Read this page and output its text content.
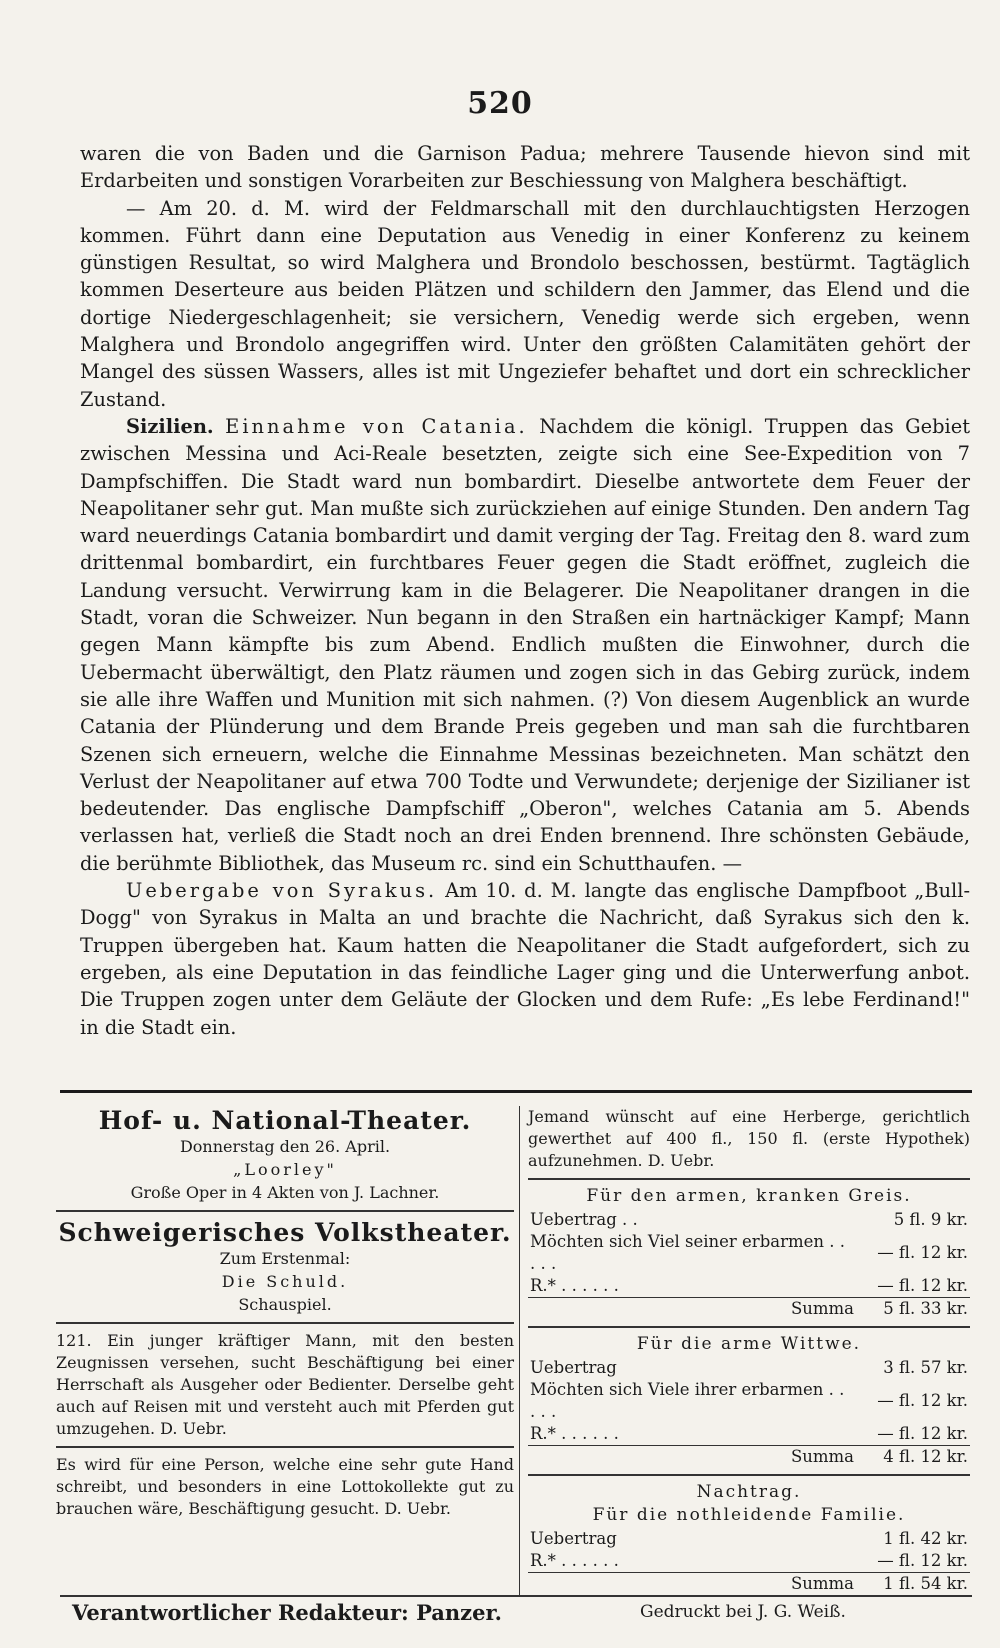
520

waren die von Baden und die Garnison Padua; mehrere Tausende hievon sind mit Erdarbeiten und sonstigen Vorarbeiten zur Beschiessung von Malghera beschäftigt.

— Am 20. d. M. wird der Feldmarschall mit den durchlauchtigsten Herzogen kommen. Führt dann eine Deputation aus Venedig in einer Konferenz zu keinem günstigen Resultat, so wird Malghera und Brondolo beschossen, bestürmt. Tagtäglich kommen Deserteure aus beiden Plätzen und schildern den Jammer, das Elend und die dortige Niedergeschlagenheit; sie versichern, Venedig werde sich ergeben, wenn Malghera und Brondolo angegriffen wird. Unter den größten Calamitäten gehört der Mangel des süssen Wassers, alles ist mit Ungeziefer behaftet und dort ein schrecklicher Zustand.

Sizilien. Einnahme von Catania. Nachdem die königl. Truppen das Gebiet zwischen Messina und Aci-Reale besetzten, zeigte sich eine See-Expedition von 7 Dampfschiffen. Die Stadt ward nun bombardirt. Dieselbe antwortete dem Feuer der Neapolitaner sehr gut. Man mußte sich zurückziehen auf einige Stunden. Den andern Tag ward neuerdings Catania bombardirt und damit verging der Tag. Freitag den 8. ward zum drittenmal bombardirt, ein furchtbares Feuer gegen die Stadt eröffnet, zugleich die Landung versucht. Verwirrung kam in die Belagerer. Die Neapolitaner drangen in die Stadt, voran die Schweizer. Nun begann in den Straßen ein hartnäckiger Kampf; Mann gegen Mann kämpfte bis zum Abend. Endlich mußten die Einwohner, durch die Uebermacht überwältigt, den Platz räumen und zogen sich in das Gebirg zurück, indem sie alle ihre Waffen und Munition mit sich nahmen. (?) Von diesem Augenblick an wurde Catania der Plünderung und dem Brande Preis gegeben und man sah die furchtbaren Szenen sich erneuern, welche die Einnahme Messinas bezeichneten. Man schätzt den Verlust der Neapolitaner auf etwa 700 Todte und Verwundete; derjenige der Sizilianer ist bedeutender. Das englische Dampfschiff „Oberon", welches Catania am 5. Abends verlassen hat, verließ die Stadt noch an drei Enden brennend. Ihre schönsten Gebäude, die berühmte Bibliothek, das Museum rc. sind ein Schutthaufen. —

Uebergabe von Syrakus. Am 10. d. M. langte das englische Dampfboot „Bull-Dogg" von Syrakus in Malta an und brachte die Nachricht, daß Syrakus sich den k. Truppen übergeben hat. Kaum hatten die Neapolitaner die Stadt aufgefordert, sich zu ergeben, als eine Deputation in das feindliche Lager ging und die Unterwerfung anbot. Die Truppen zogen unter dem Geläute der Glocken und dem Rufe: „Es lebe Ferdinand!" in die Stadt ein.

Hof- u. National-Theater.
Donnerstag den 26. April.
„Loorley"
Große Oper in 4 Akten von J. Lachner.
Schweigerisches Volkstheater.
Zum Erstenmal:
Die Schuld.
Schauspiel.
121. Ein junger kräftiger Mann, mit den besten Zeugnissen versehen, sucht Beschäftigung bei einer Herrschaft als Ausgeher oder Bedienter. Derselbe geht auch auf Reisen mit und versteht auch mit Pferden gut umzugehen. D. Uebr.
Es wird für eine Person, welche eine sehr gute Hand schreibt, und besonders in eine Lottokollekte gut zu brauchen wäre, Beschäftigung gesucht. D. Uebr.
Jemand wünscht auf eine Herberge, gerichtlich gewerthet auf 400 fl., 150 fl. (erste Hypothek) aufzunehmen. D. Uebr.
Für den armen, kranken Greis.
Uebertrag . .	5 fl. 9 kr.
Möchten sich Viel seiner erbarmen . . . . .	— fl. 12 kr.
R.* . . . . . .	— fl. 12 kr.
Summa	5 fl. 33 kr.
Für die arme Wittwe.
Uebertrag	3 fl. 57 kr.
Möchten sich Viele ihrer erbarmen . . . . .	— fl. 12 kr.
R.* . . . . . .	— fl. 12 kr.
Summa	4 fl. 12 kr.
Nachtrag.
Für die nothleidende Familie.
Uebertrag	1 fl. 42 kr.
R.* . . . . . .	— fl. 12 kr.
Summa	1 fl. 54 kr.
Verantwortlicher Redakteur: Panzer.	Gedruckt bei J. G. Weiß.
